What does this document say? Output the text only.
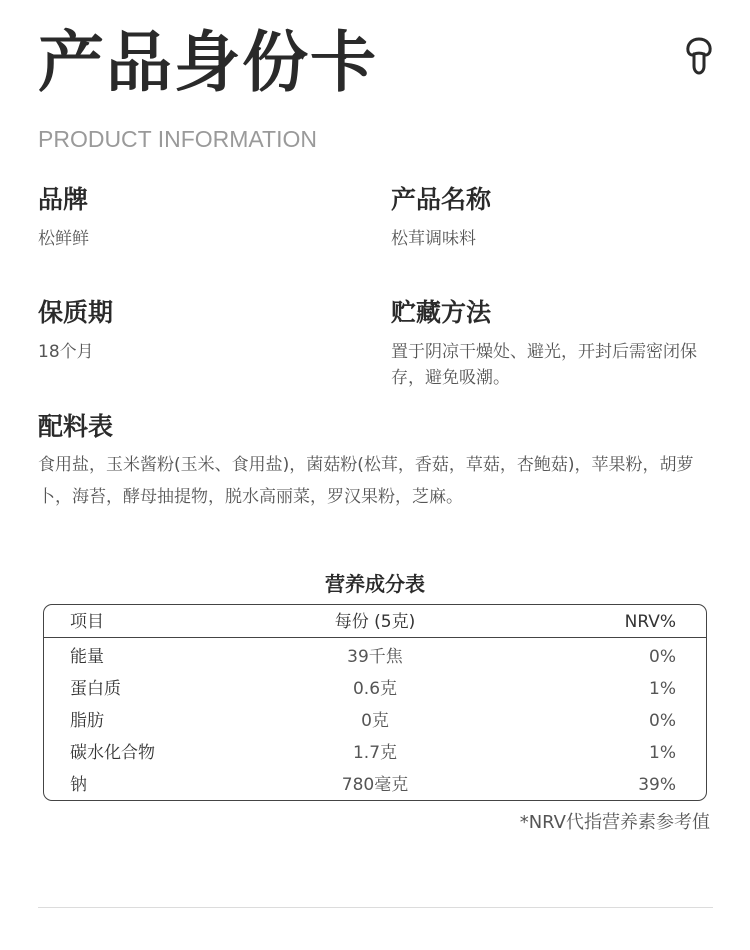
产品身份卡
PRODUCT INFORMATION
品牌
松鲜鲜
产品名称
松茸调味料
保质期
18个月
贮藏方法
置于阴凉干燥处、避光，开封后需密闭保存，避免吸潮。
配料表
食用盐，玉米酱粉(玉米、食用盐)，菌菇粉(松茸，香菇，草菇，杏鲍菇)，苹果粉，胡萝卜，海苔，酵母抽提物，脱水高丽菜，罗汉果粉，芝麻。
营养成分表
项目	每份 (5克)	NRV%
能量	39千焦	0%
蛋白质	0.6克	1%
脂肪	0克	0%
碳水化合物	1.7克	1%
钠	780毫克	39%
*NRV代指营养素参考值
